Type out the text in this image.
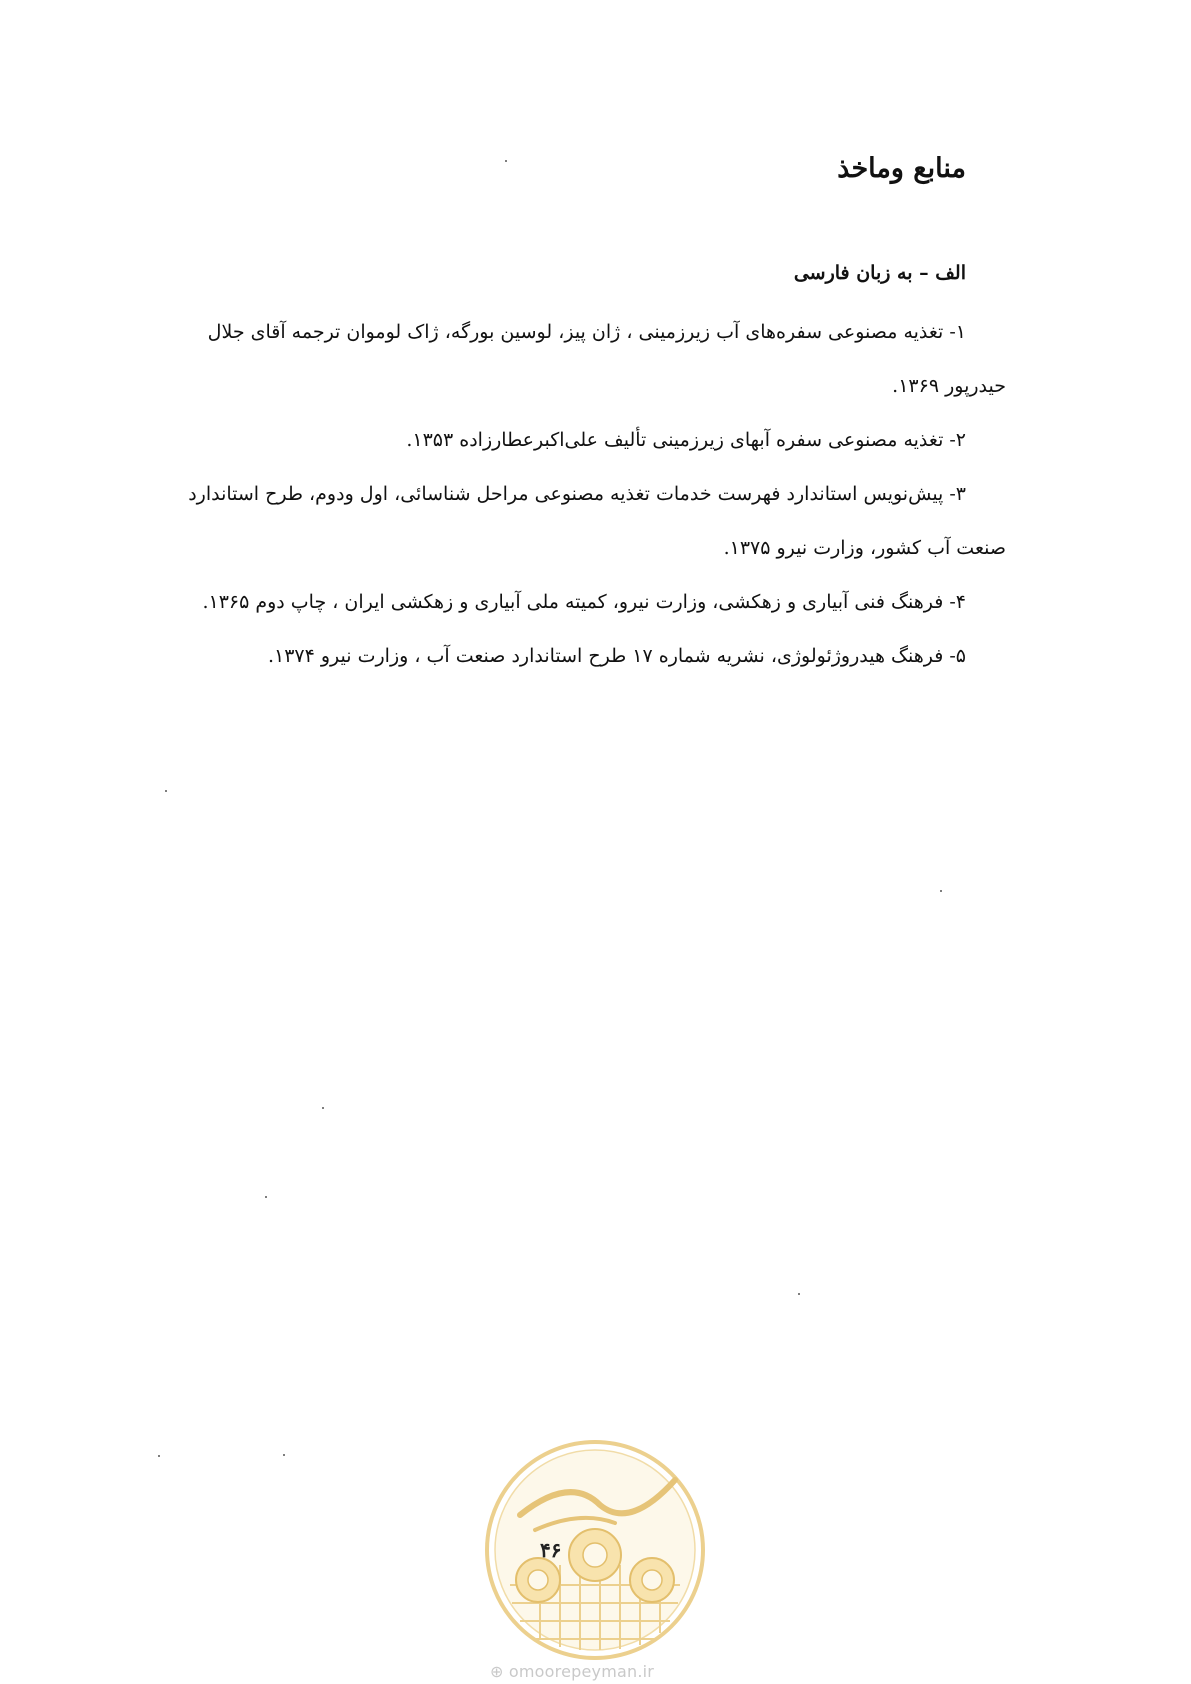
منابع وماخذ
الف – به زبان فارسی
۱-تغذیه مصنوعی سفره‌های آب زیرزمینی ، ژان پیز، لوسین بورگه، ژاک لوموان ترجمه آقای جلال
حیدرپور ۱۳۶۹.
۲-تغذیه مصنوعی سفره آبهای زیرزمینی تألیف علی‌اکبرعطارزاده ۱۳۵۳.
۳-پیش‌نویس استاندارد فهرست خدمات تغذیه مصنوعی مراحل شناسائی، اول ودوم، طرح استاندارد
صنعت آب کشور، وزارت نیرو ۱۳۷۵.
۴-فرهنگ فنی آبیاری و زهکشی، وزارت نیرو، کمیته ملی آبیاری و زهکشی ایران ، چاپ دوم ۱۳۶۵.
۵-فرهنگ هیدروژئولوژی، نشریه شماره ۱۷ طرح استاندارد صنعت آب ، وزارت نیرو ۱۳۷۴.
۴۶
⊕ omoorepeyman.ir
